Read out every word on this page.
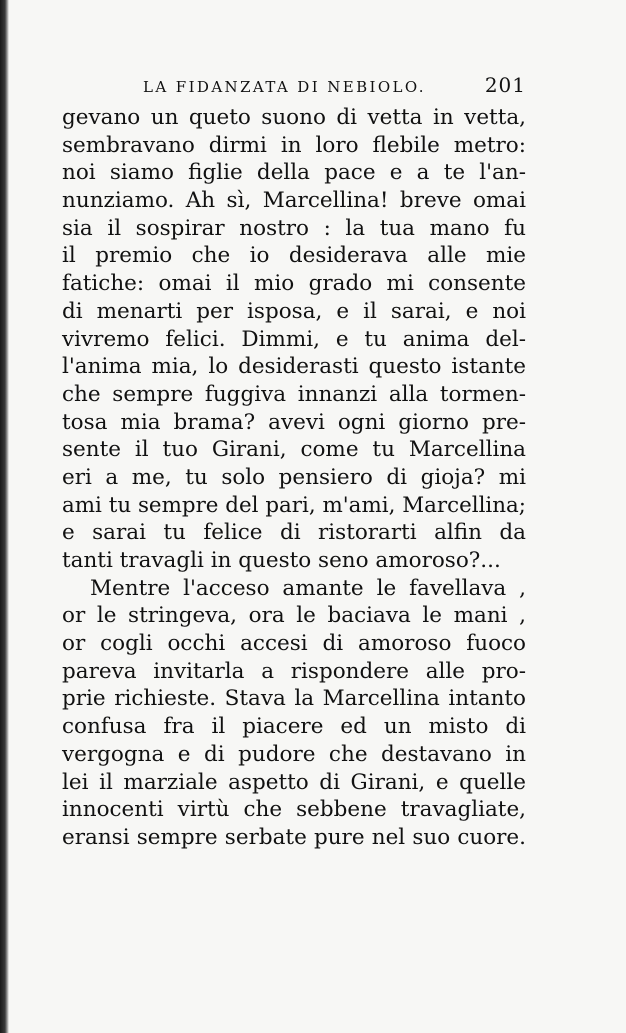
LA FIDANZATA DI NEBIOLO.	201
gevano un queto suono di vetta in vetta,
sembravano dirmi in loro flebile metro:
noi siamo figlie della pace e a te l'an-
nunziamo. Ah sì, Marcellina! breve omai
sia il sospirar nostro : la tua mano fu
il premio che io desiderava alle mie
fatiche: omai il mio grado mi consente
di menarti per isposa, e il sarai, e noi
vivremo felici. Dimmi, e tu anima del-
l'anima mia, lo desiderasti questo istante
che sempre fuggiva innanzi alla tormen-
tosa mia brama? avevi ogni giorno pre-
sente il tuo Girani, come tu Marcellina
eri a me, tu solo pensiero di gioja? mi
ami tu sempre del pari, m'ami, Marcellina;
e sarai tu felice di ristorarti alfin da
tanti travagli in questo seno amoroso?...
Mentre l'acceso amante le favellava ,
or le stringeva, ora le baciava le mani ,
or cogli occhi accesi di amoroso fuoco
pareva invitarla a rispondere alle pro-
prie richieste. Stava la Marcellina intanto
confusa fra il piacere ed un misto di
vergogna e di pudore che destavano in
lei il marziale aspetto di Girani, e quelle
innocenti virtù che sebbene travagliate,
eransi sempre serbate pure nel suo cuore.
